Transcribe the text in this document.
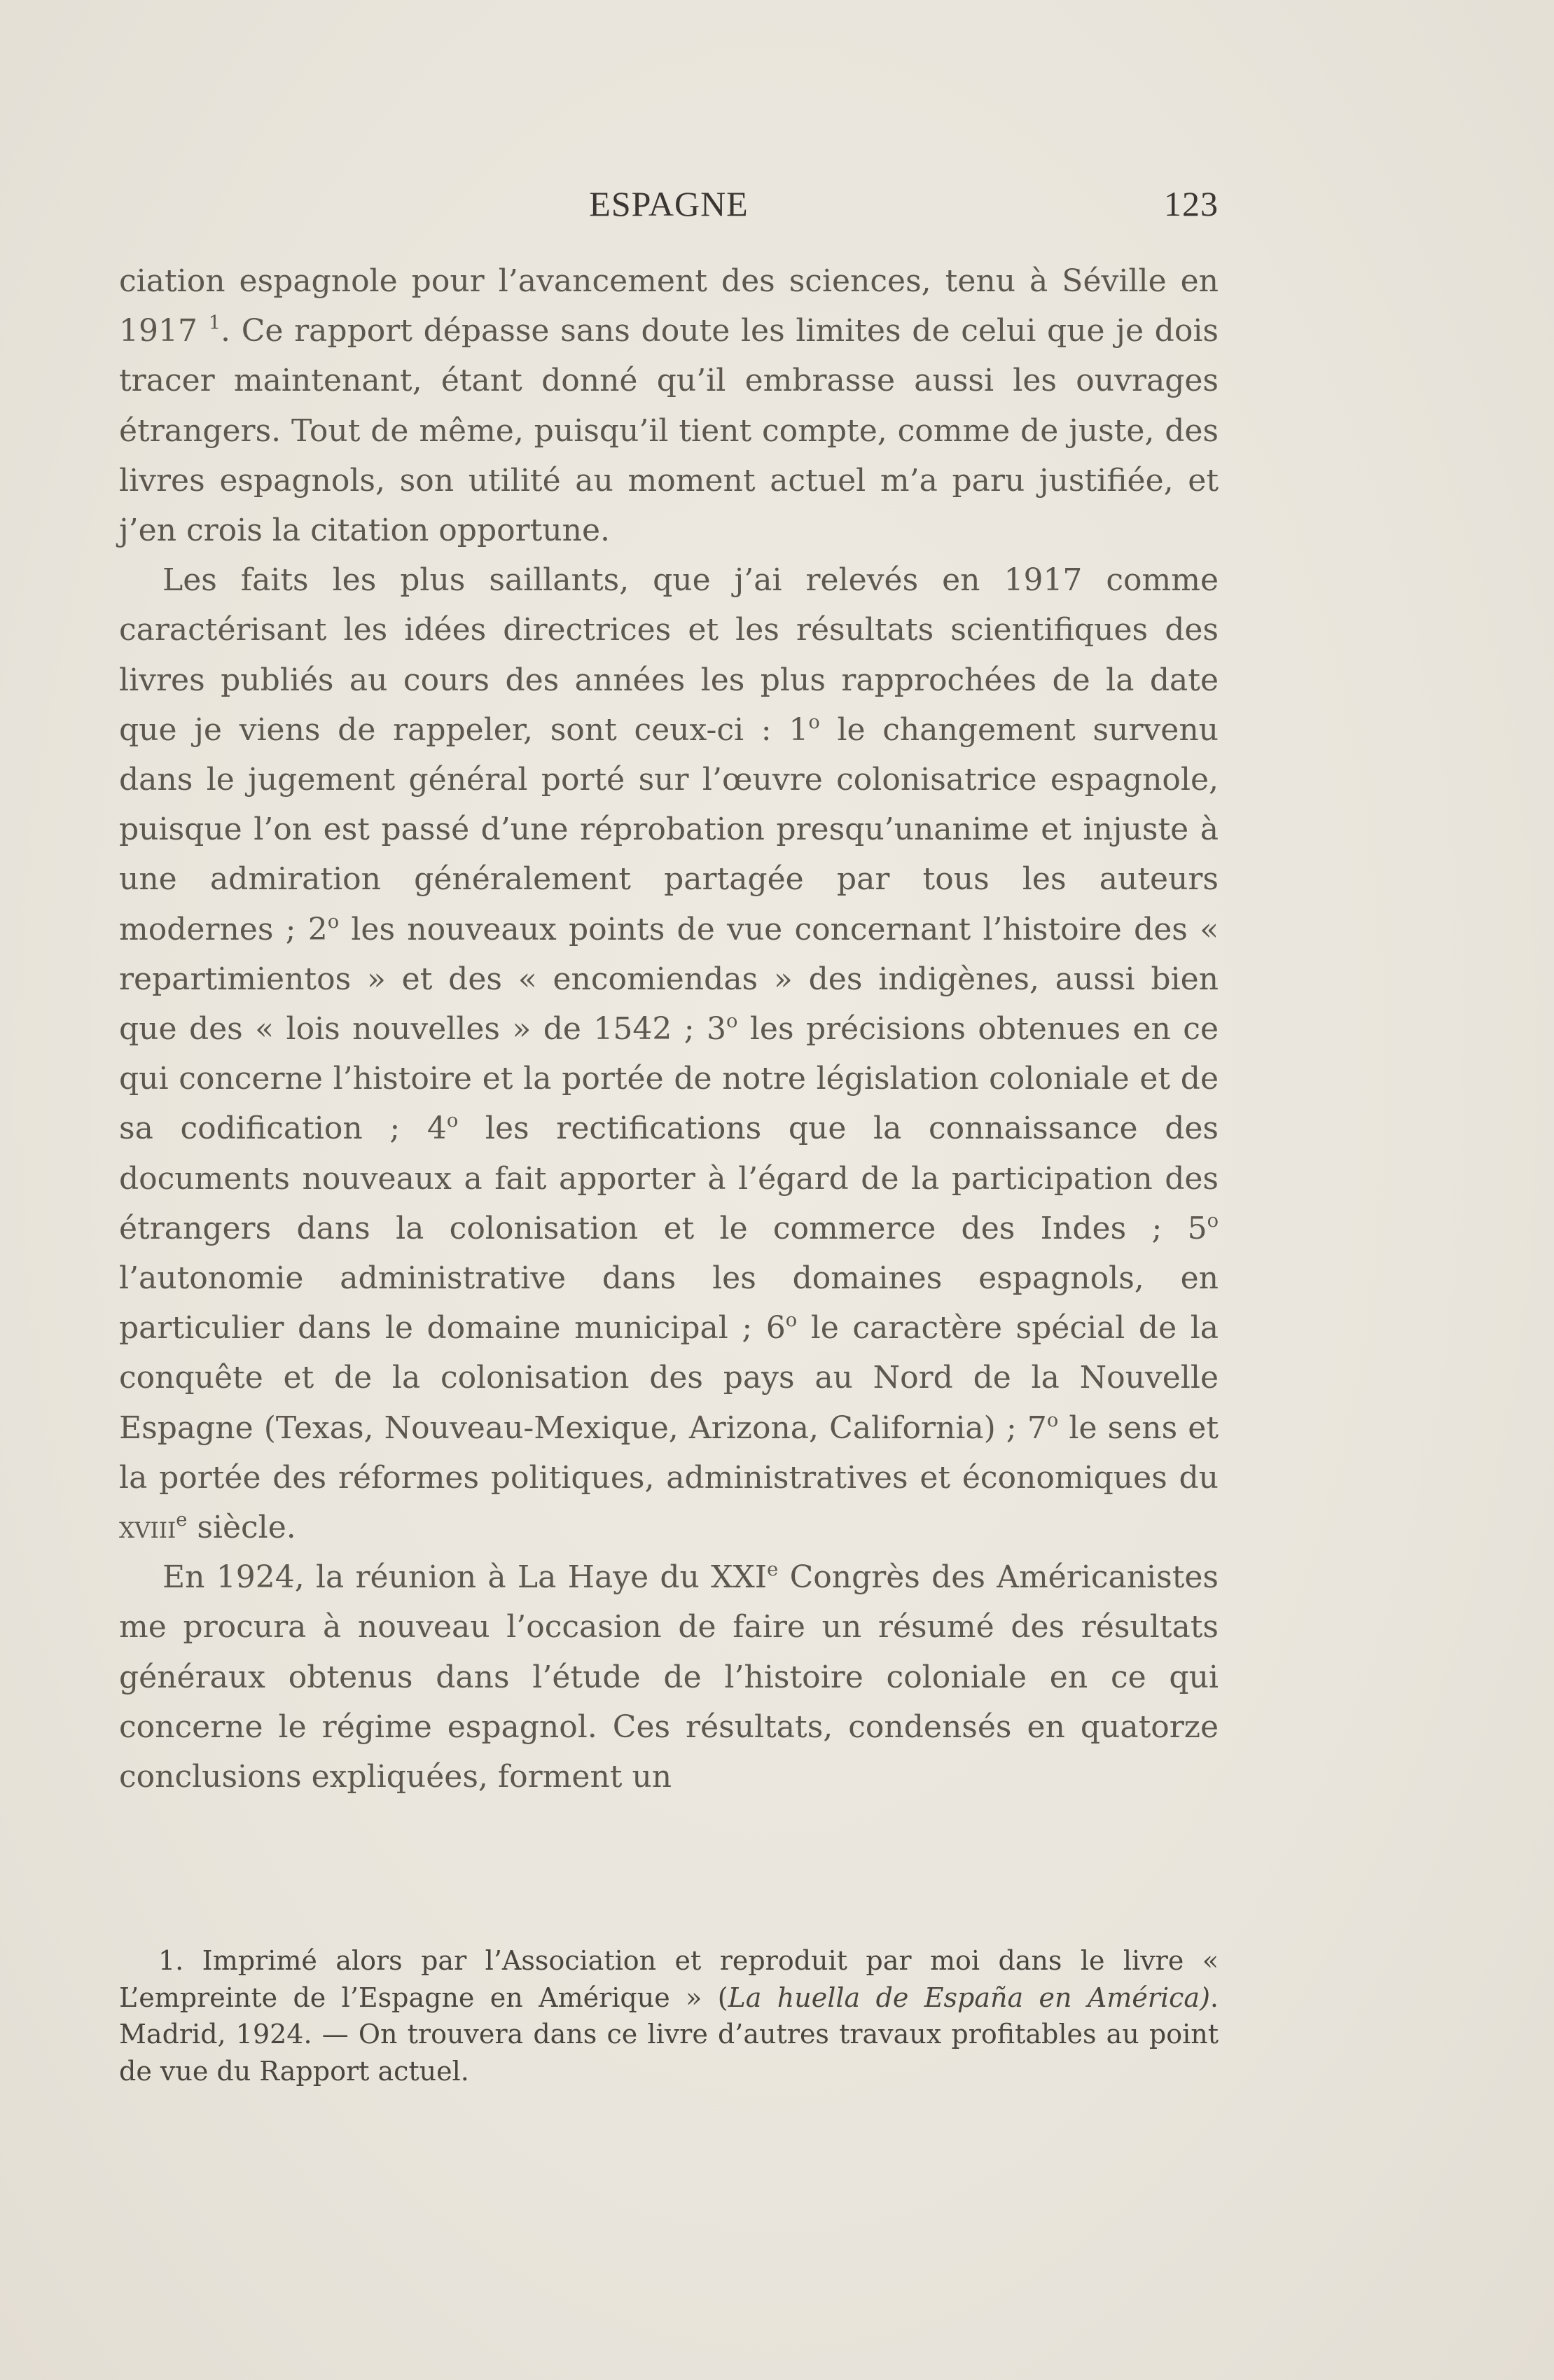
ESPAGNE	123

ciation espagnole pour l’avancement des sciences, tenu à Séville en 1917 $^1$. Ce rapport dépasse sans doute les limites de celui que je dois tracer maintenant, étant donné qu’il embrasse aussi les ouvrages étrangers. Tout de même, puisqu’il tient compte, comme de juste, des livres espagnols, son utilité au moment actuel m’a paru justifiée, et j’en crois la citation opportune.

Les faits les plus saillants, que j’ai relevés en 1917 comme caractérisant les idées directrices et les résultats scientifiques des livres publiés au cours des années les plus rapprochées de la date que je viens de rappeler, sont ceux-ci : 1$^o$ le changement survenu dans le jugement général porté sur l’œuvre colonisatrice espagnole, puisque l’on est passé d’une réprobation presqu’unanime et injuste à une admiration généralement partagée par tous les auteurs modernes ; 2$^o$ les nouveaux points de vue concernant l’histoire des « repartimientos » et des « encomiendas » des indigènes, aussi bien que des « lois nouvelles » de 1542 ; 3$^o$ les précisions obtenues en ce qui concerne l’histoire et la portée de notre législation coloniale et de sa codification ; 4$^o$ les rectifications que la connaissance des documents nouveaux a fait apporter à l’égard de la participation des étrangers dans la colonisation et le commerce des Indes ; 5$^o$ l’autonomie administrative dans les domaines espagnols, en particulier dans le domaine municipal ; 6$^o$ le caractère spécial de la conquête et de la colonisation des pays au Nord de la Nouvelle Espagne (Texas, Nouveau-Mexique, Arizona, California) ; 7$^o$ le sens et la portée des réformes politiques, administratives et économiques du xviii$^e$ siècle.

En 1924, la réunion à La Haye du XXIe Congrès des Américanistes me procura à nouveau l’occasion de faire un résumé des résultats généraux obtenus dans l’étude de l’histoire coloniale en ce qui concerne le régime espagnol. Ces résultats, condensés en quatorze conclusions expliquées, forment un

1. Imprimé alors par l’Association et reproduit par moi dans le livre « L’empreinte de l’Espagne en Amérique » (La huella de España en América). Madrid, 1924. — On trouvera dans ce livre d’autres travaux profitables au point de vue du Rapport actuel.
